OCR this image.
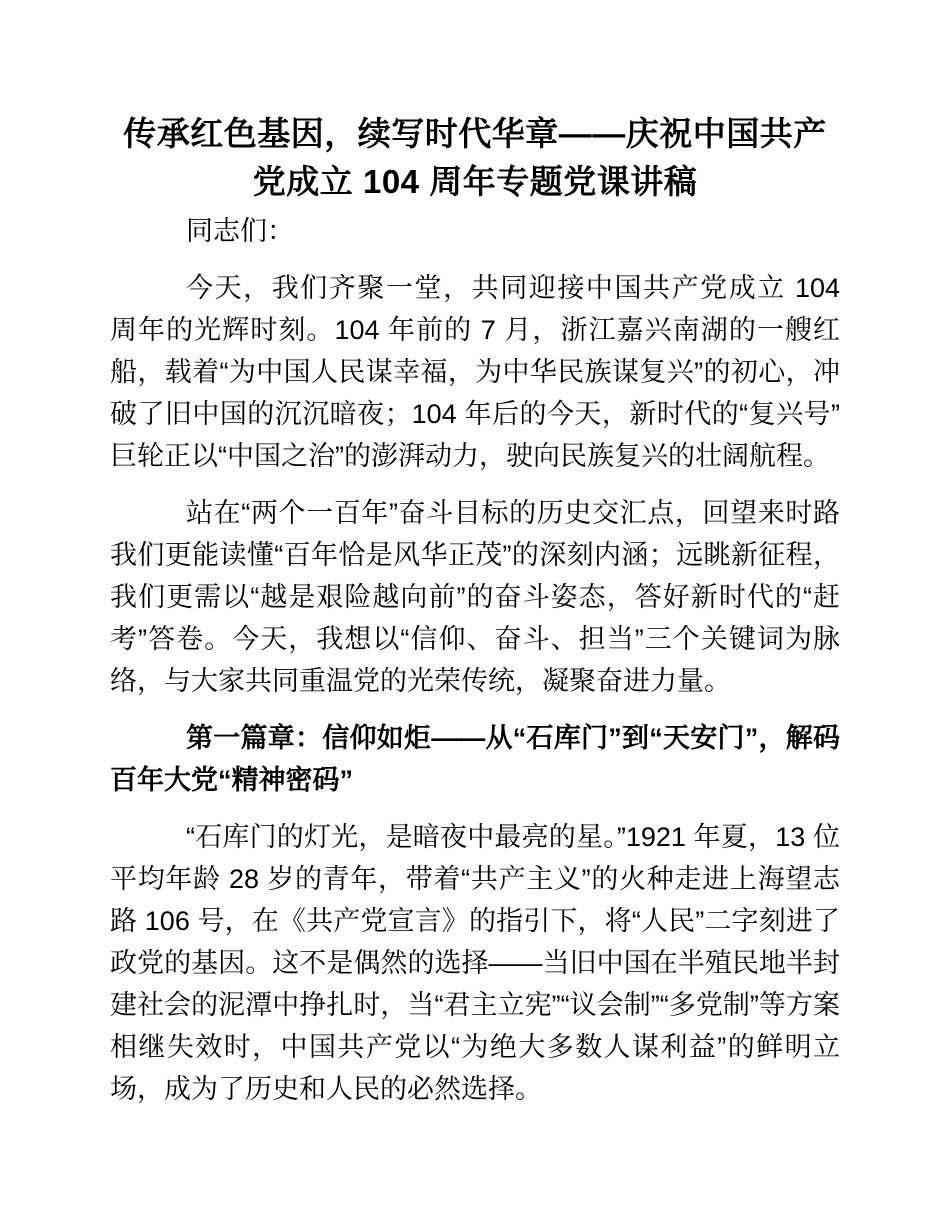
传承红色基因，续写时代华章——庆祝中国共产党成立 104 周年专题党课讲稿

同志们：

今天，我们齐聚一堂，共同迎接中国共产党成立 104 周年的光辉时刻。104 年前的 7 月，浙江嘉兴南湖的一艘红船，载着“为中国人民谋幸福，为中华民族谋复兴”的初心，冲破了旧中国的沉沉暗夜；104 年后的今天，新时代的“复兴号”巨轮正以“中国之治”的澎湃动力，驶向民族复兴的壮阔航程。

站在“两个一百年”奋斗目标的历史交汇点，回望来时路我们更能读懂“百年恰是风华正茂”的深刻内涵；远眺新征程，我们更需以“越是艰险越向前”的奋斗姿态，答好新时代的“赶考”答卷。今天，我想以“信仰、奋斗、担当”三个关键词为脉络，与大家共同重温党的光荣传统，凝聚奋进力量。

第一篇章：信仰如炬——从“石库门”到“天安门”，解码百年大党“精神密码”

“石库门的灯光，是暗夜中最亮的星。”1921 年夏，13 位平均年龄 28 岁的青年，带着“共产主义”的火种走进上海望志路 106 号，在《共产党宣言》的指引下，将“人民”二字刻进了政党的基因。这不是偶然的选择——当旧中国在半殖民地半封建社会的泥潭中挣扎时，当“君主立宪”“议会制”“多党制”等方案相继失效时，中国共产党以“为绝大多数人谋利益”的鲜明立场，成为了历史和人民的必然选择。
